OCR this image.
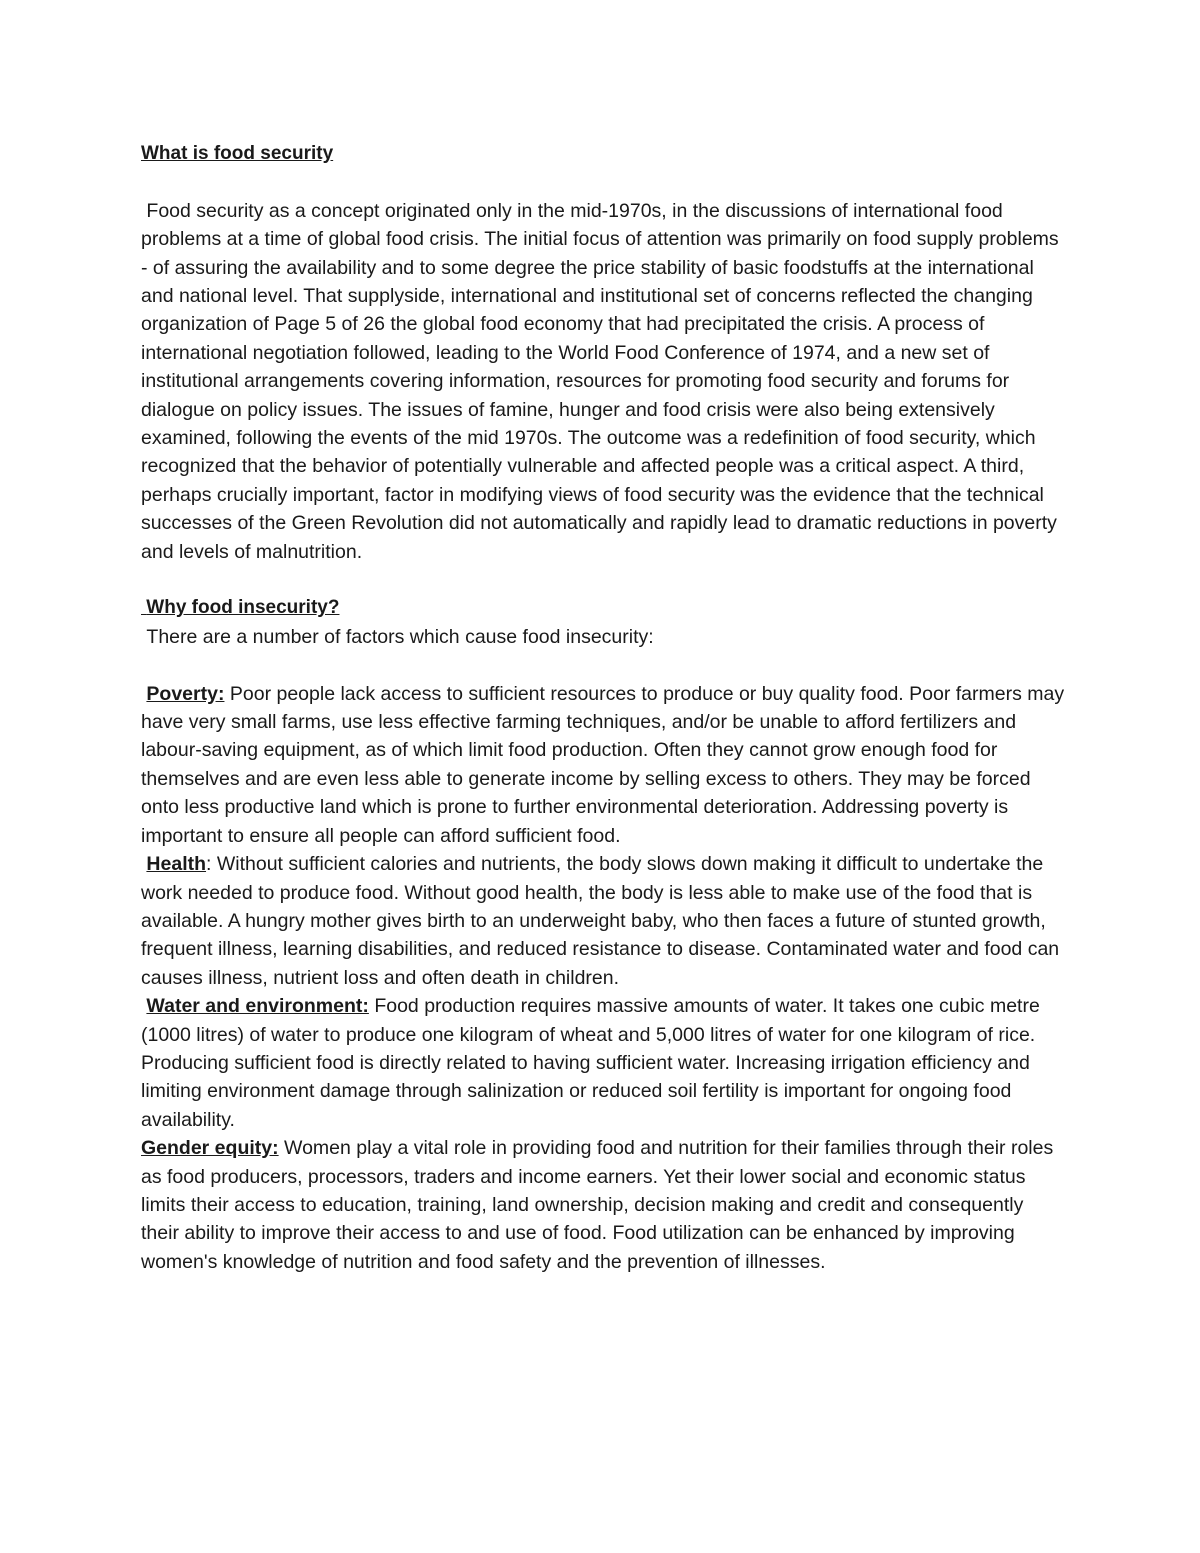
What is food security

Food security as a concept originated only in the mid-1970s, in the discussions of international food problems at a time of global food crisis. The initial focus of attention was primarily on food supply problems - of assuring the availability and to some degree the price stability of basic foodstuffs at the international and national level. That supplyside, international and institutional set of concerns reflected the changing organization of Page 5 of 26 the global food economy that had precipitated the crisis. A process of international negotiation followed, leading to the World Food Conference of 1974, and a new set of institutional arrangements covering information, resources for promoting food security and forums for dialogue on policy issues. The issues of famine, hunger and food crisis were also being extensively examined, following the events of the mid 1970s. The outcome was a redefinition of food security, which recognized that the behavior of potentially vulnerable and affected people was a critical aspect. A third, perhaps crucially important, factor in modifying views of food security was the evidence that the technical successes of the Green Revolution did not automatically and rapidly lead to dramatic reductions in poverty and levels of malnutrition.

Why food insecurity?

There are a number of factors which cause food insecurity:

Poverty: Poor people lack access to sufficient resources to produce or buy quality food. Poor farmers may have very small farms, use less effective farming techniques, and/or be unable to afford fertilizers and labour-saving equipment, as of which limit food production. Often they cannot grow enough food for themselves and are even less able to generate income by selling excess to others. They may be forced onto less productive land which is prone to further environmental deterioration. Addressing poverty is important to ensure all people can afford sufficient food.

Health: Without sufficient calories and nutrients, the body slows down making it difficult to undertake the work needed to produce food. Without good health, the body is less able to make use of the food that is available. A hungry mother gives birth to an underweight baby, who then faces a future of stunted growth, frequent illness, learning disabilities, and reduced resistance to disease. Contaminated water and food can causes illness, nutrient loss and often death in children.

Water and environment: Food production requires massive amounts of water. It takes one cubic metre (1000 litres) of water to produce one kilogram of wheat and 5,000 litres of water for one kilogram of rice. Producing sufficient food is directly related to having sufficient water. Increasing irrigation efficiency and limiting environment damage through salinization or reduced soil fertility is important for ongoing food availability.

Gender equity: Women play a vital role in providing food and nutrition for their families through their roles as food producers, processors, traders and income earners. Yet their lower social and economic status limits their access to education, training, land ownership, decision making and credit and consequently their ability to improve their access to and use of food. Food utilization can be enhanced by improving women's knowledge of nutrition and food safety and the prevention of illnesses.
